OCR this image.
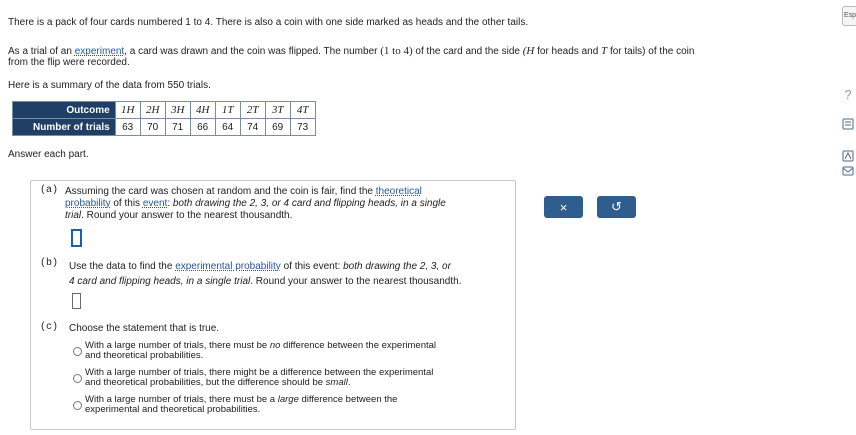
There is a pack of four cards numbered 1 to 4. There is also a coin with one side marked as heads and the other tails.

As a trial of an experiment, a card was drawn and the coin was flipped. The number (1 to 4) of the card and the side (H for heads and T for tails) of the coin

from the flip were recorded.

Here is a summary of the data from 550 trials.

Outcome	1H	2H	3H	4H	1T	2T	3T	4T
Number of trials	63	70	71	66	64	74	69	73

Answer each part.

(a) Assuming the card was chosen at random and the coin is fair, find the theoretical

probability of this event: both drawing the 2, 3, or 4 card and flipping heads, in a single

trial. Round your answer to the nearest thousandth.

(b) Use the data to find the experimental probability of this event: both drawing the 2, 3, or

4 card and flipping heads, in a single trial. Round your answer to the nearest thousandth.

(c) Choose the statement that is true.

With a large number of trials, there must be no difference between the experimental
and theoretical probabilities.
With a large number of trials, there might be a difference between the experimental
and theoretical probabilities, but the difference should be small.
With a large number of trials, there must be a large difference between the
experimental and theoretical probabilities.
×	↺
Esp
?
